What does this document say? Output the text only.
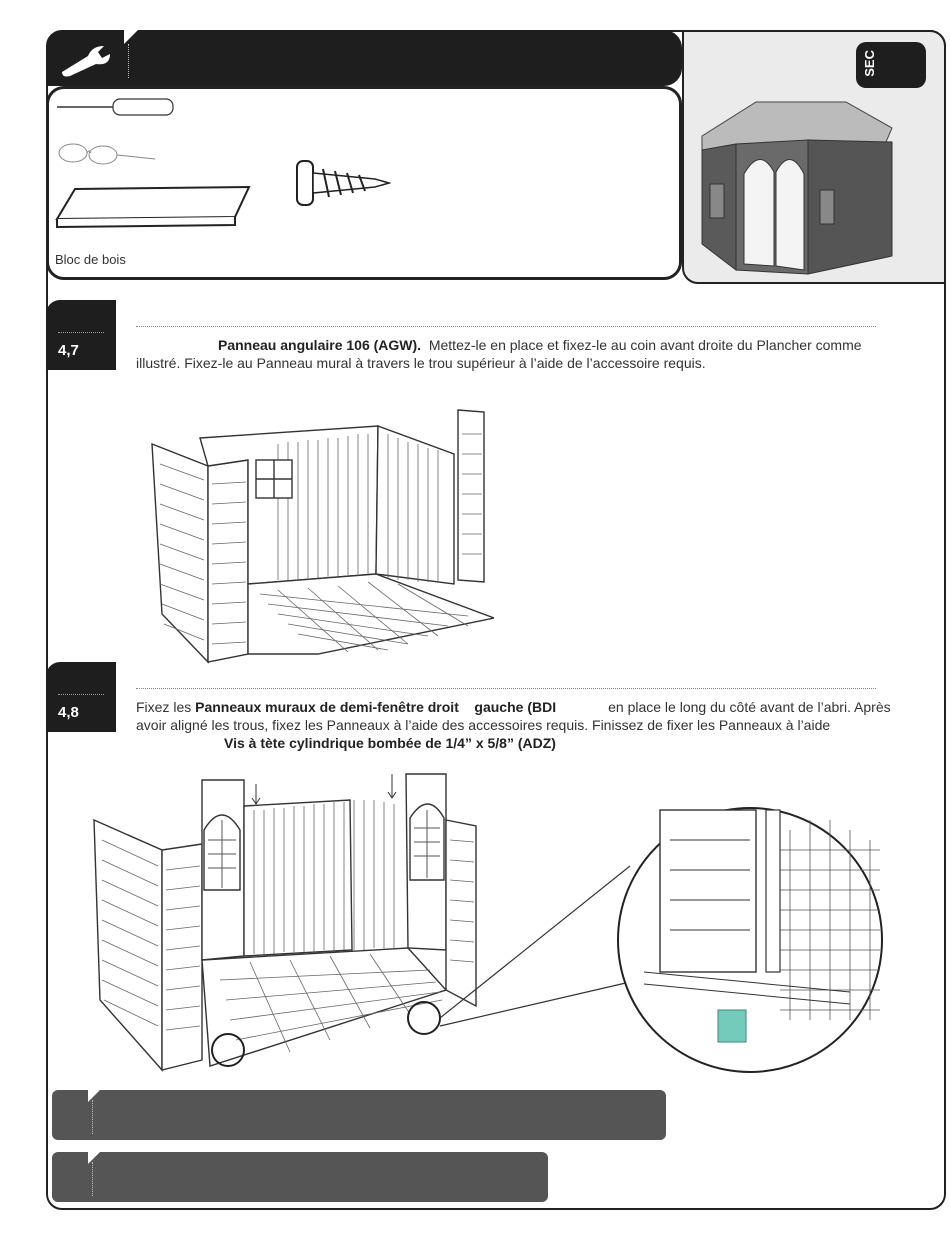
Bloc de bois
SEC
4,7	Panneau angulaire 106 (AGW). Mettez-le en place et fixez-le au coin avant droite du Plancher comme
illustré. Fixez-le au Panneau mural à travers le trou supérieur à l’aide de l’accessoire requis.
4,8	Fixez les Panneaux muraux de demi-fenêtre droit gauche (BDI	en place le long du côté avant de l’abri. Après
avoir aligné les trous, fixez les Panneaux à l’aide des accessoires requis. Finissez de fixer les Panneaux à l’aide
Vis à tète cylindrique bombée de 1/4” x 5/8” (ADZ)
